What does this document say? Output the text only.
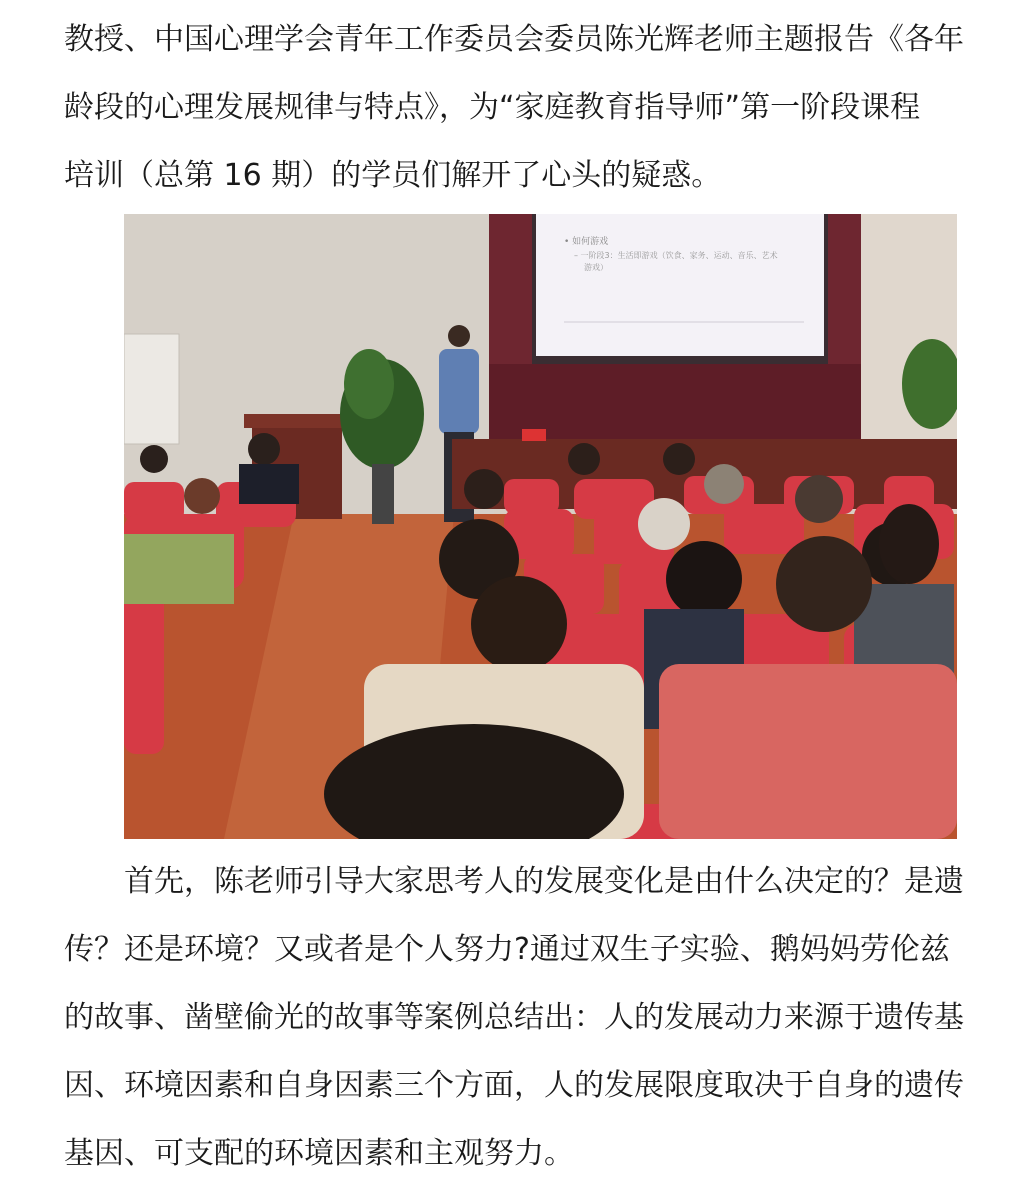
教授、中国心理学会青年工作委员会委员陈光辉老师主题报告《各年
龄段的心理发展规律与特点》，为“家庭教育指导师”第一阶段课程
培训（总第 16 期）的学员们解开了心头的疑惑。
• 如何游戏
– 一阶段3：生活即游戏（饮食、家务、运动、音乐、艺术
游戏）
首先，陈老师引导大家思考人的发展变化是由什么决定的？是遗
传？还是环境？又或者是个人努力?通过双生子实验、鹅妈妈劳伦兹
的故事、凿壁偷光的故事等案例总结出：人的发展动力来源于遗传基
因、环境因素和自身因素三个方面，人的发展限度取决于自身的遗传
基因、可支配的环境因素和主观努力。
